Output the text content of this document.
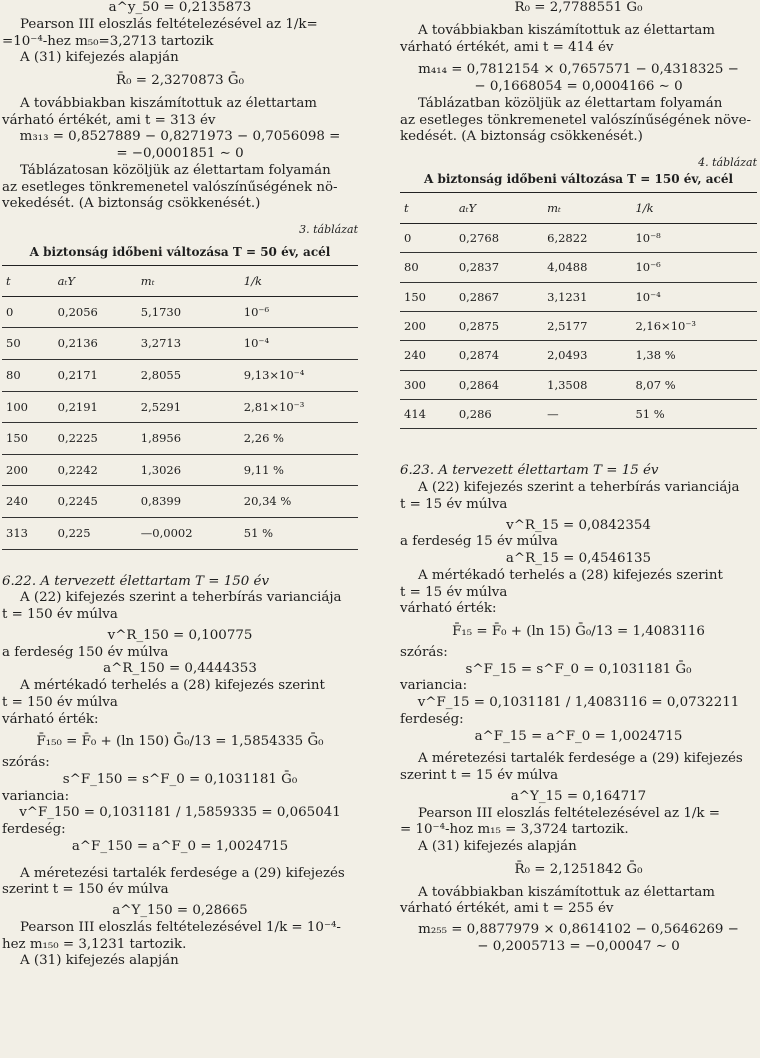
a^y_50 = 0,2135873

Pearson III eloszlás feltételezésével az 1/k=

=10⁻⁴-hez m₅₀=3,2713 tartozik

A (31) kifejezés alapján

R̄₀ = 2,3270873 Ḡ₀

A továbbiakban kiszámítottuk az élettartam

várható értékét, ami t = 313 év

m₃₁₃ = 0,8527889 − 0,8271973 − 0,7056098 =

= −0,0001851 ∼ 0

Táblázatosan közöljük az élettartam folyamán

az esetleges tönkremenetel valószínűségének nö-

vekedését. (A biztonság csökkenését.)

3. táblázat

A biztonság időbeni változása T = 50 év, acél

t	aₜY	mₜ	1/k
0	0,2056	5,1730	10⁻⁶
50	0,2136	3,2713	10⁻⁴
80	0,2171	2,8055	9,13×10⁻⁴
100	0,2191	2,5291	2,81×10⁻³
150	0,2225	1,8956	2,26 %
200	0,2242	1,3026	9,11 %
240	0,2245	0,8399	20,34 %
313	0,225	—0,0002	51 %

6.22. A tervezett élettartam T = 150 év

A (22) kifejezés szerint a teherbírás varianciája

t = 150 év múlva

v^R_150 = 0,100775

a ferdeség 150 év múlva

a^R_150 = 0,4444353

A mértékadó terhelés a (28) kifejezés szerint

t = 150 év múlva

várható érték:

F̄₁₅₀ = F̄₀ + (ln 150) Ḡ₀/13 = 1,5854335 Ḡ₀

szórás:

s^F_150 = s^F_0 = 0,1031181 Ḡ₀

variancia:

v^F_150 = 0,1031181 / 1,5859335 = 0,065041

ferdeség:

a^F_150 = a^F_0 = 1,0024715

A méretezési tartalék ferdesége a (29) kifejezés

szerint t = 150 év múlva

a^Y_150 = 0,28665

Pearson III eloszlás feltételezésével 1/k = 10⁻⁴-

hez m₁₅₀ = 3,1231 tartozik.

A (31) kifejezés alapján

R̄₀ = 2,7788551 Ḡ₀

A továbbiakban kiszámítottuk az élettartam

várható értékét, ami t = 414 év

m₄₁₄ = 0,7812154 × 0,7657571 − 0,4318325 −

− 0,1668054 = 0,0004166 ∼ 0

Táblázatban közöljük az élettartam folyamán

az esetleges tönkremenetel valószínűségének növe-

kedését. (A biztonság csökkenését.)

4. táblázat

A biztonság időbeni változása T = 150 év, acél

t	aₜY	mₜ	1/k
0	0,2768	6,2822	10⁻⁸
80	0,2837	4,0488	10⁻⁶
150	0,2867	3,1231	10⁻⁴
200	0,2875	2,5177	2,16×10⁻³
240	0,2874	2,0493	1,38 %
300	0,2864	1,3508	8,07 %
414	0,286	—	51 %

6.23. A tervezett élettartam T = 15 év

A (22) kifejezés szerint a teherbírás varianciája

t = 15 év múlva

v^R_15 = 0,0842354

a ferdeség 15 év múlva

a^R_15 = 0,4546135

A mértékadó terhelés a (28) kifejezés szerint

t = 15 év múlva

várható érték:

F̄₁₅ = F̄₀ + (ln 15) Ḡ₀/13 = 1,4083116

szórás:

s^F_15 = s^F_0 = 0,1031181 Ḡ₀

variancia:

v^F_15 = 0,1031181 / 1,4083116 = 0,0732211

ferdeség:

a^F_15 = a^F_0 = 1,0024715

A méretezési tartalék ferdesége a (29) kifejezés

szerint t = 15 év múlva

a^Y_15 = 0,164717

Pearson III eloszlás feltételezésével az 1/k =

= 10⁻⁴-hoz m₁₅ = 3,3724 tartozik.

A (31) kifejezés alapján

R̄₀ = 2,1251842 Ḡ₀

A továbbiakban kiszámítottuk az élettartam

várható értékét, ami t = 255 év

m₂₅₅ = 0,8877979 × 0,8614102 − 0,5646269 −

− 0,2005713 = −0,00047 ∼ 0
